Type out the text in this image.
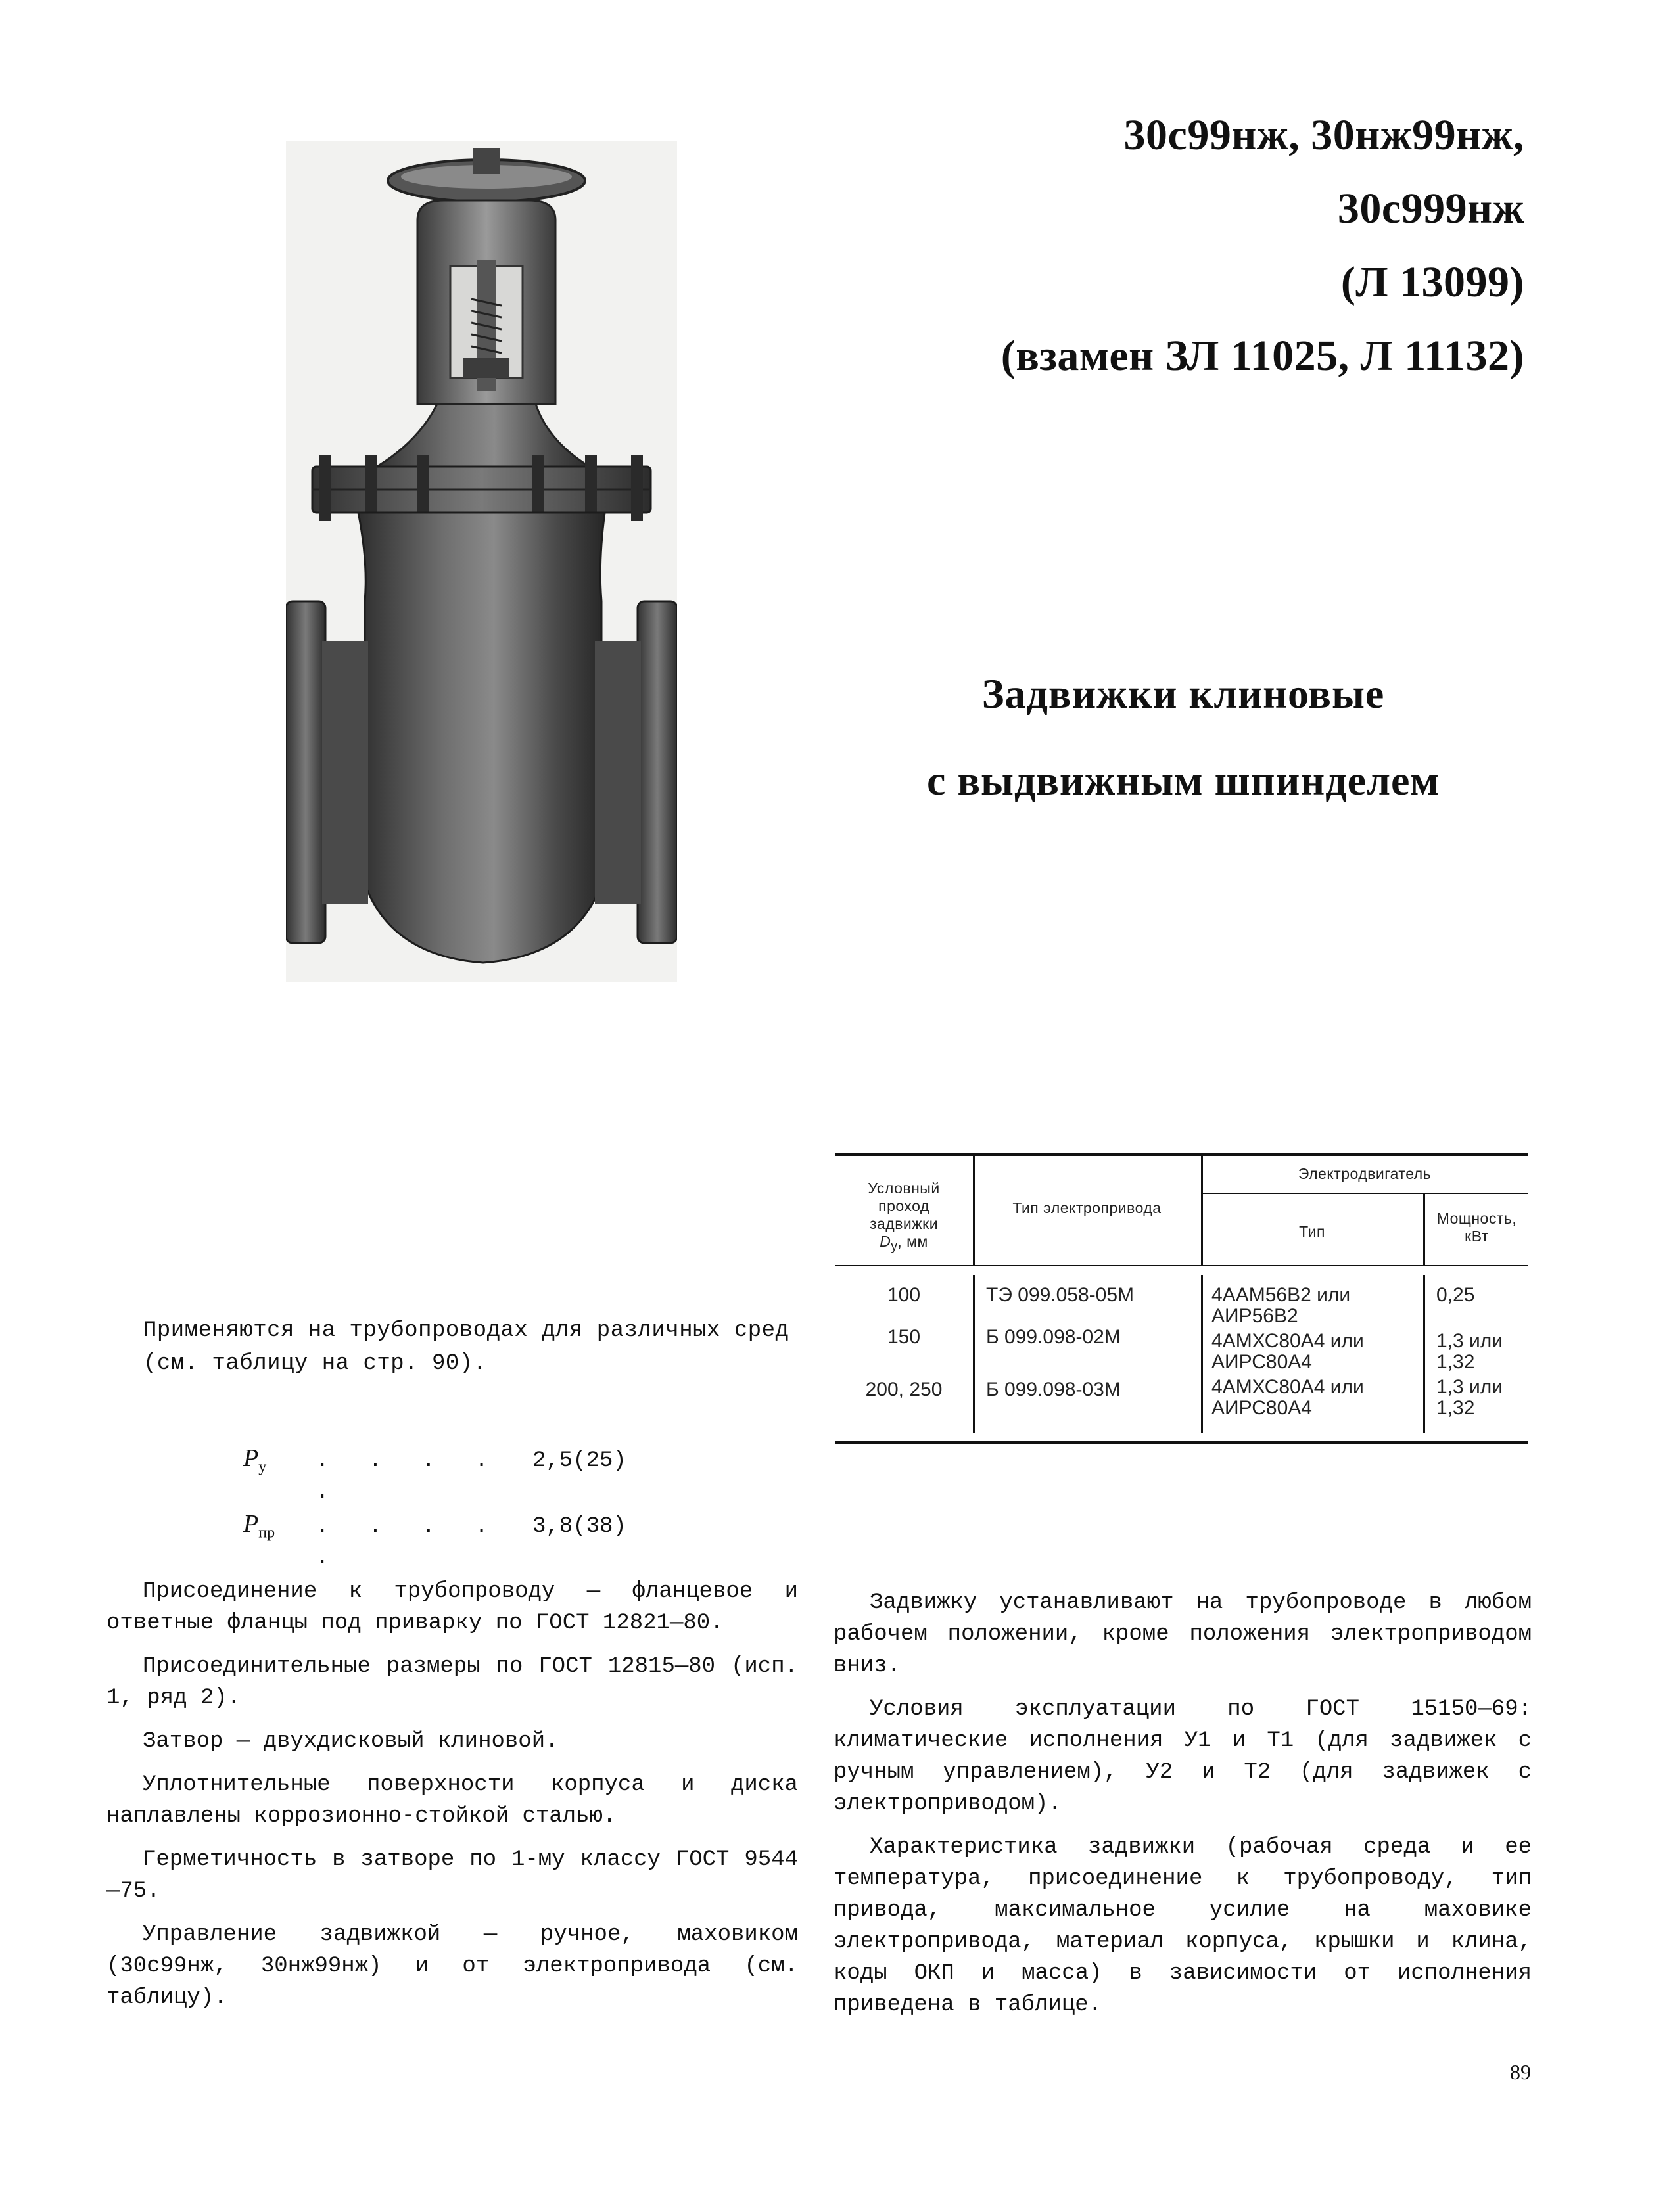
30с99нж, 30нж99нж,
30с999нж
(Л 13099)
(взамен ЗЛ 11025, Л 11132)
Задвижки клиновые
с выдвижным шпинделем
Условный
проход
задвижки
$D_у$, мм
Тип электропривода
Электродвигатель
Тип
Мощность,
кВт
100
150
200, 250
ТЭ 099.058-05М
Б 099.098-02М
Б 099.098-03М
4ААМ56В2 или
АИР56В2
4АМХС80А4 или
АИРС80А4
4АМХС80А4 или
АИРС80А4
0,25
1,3 или
1,32
1,3 или
1,32
Применяются на трубопроводах для различных сред (см. таблицу на стр. 90).
$P_у$	. . . . .
2,5(25)
$P_{пр}$	. . . . .
3,8(38)

Присоединение к трубопроводу — фланцевое и ответные фланцы под приварку по ГОСТ 12821—80.

Присоединительные размеры по ГОСТ 12815—80 (исп. 1, ряд 2).

Затвор — двухдисковый клиновой.

Уплотнительные поверхности корпуса и диска наплавлены коррозионно-стойкой сталью.

Герметичность в затворе по 1-му классу ГОСТ 9544—75.

Управление задвижкой — ручное, маховиком (30с99нж, 30нж99нж) и от электропривода (см. таблицу).

Задвижку устанавливают на трубопроводе в любом рабочем положении, кроме положения электроприводом вниз.

Условия эксплуатации по ГОСТ 15150—69: климатические исполнения У1 и Т1 (для задвижек с ручным управлением), У2 и Т2 (для задвижек с электроприводом).

Характеристика задвижки (рабочая среда и ее температура, присоединение к трубопроводу, тип привода, максимальное усилие на маховике электропривода, материал корпуса, крышки и клина, коды ОКП и масса) в зависимости от исполнения приведена в таблице.

89
